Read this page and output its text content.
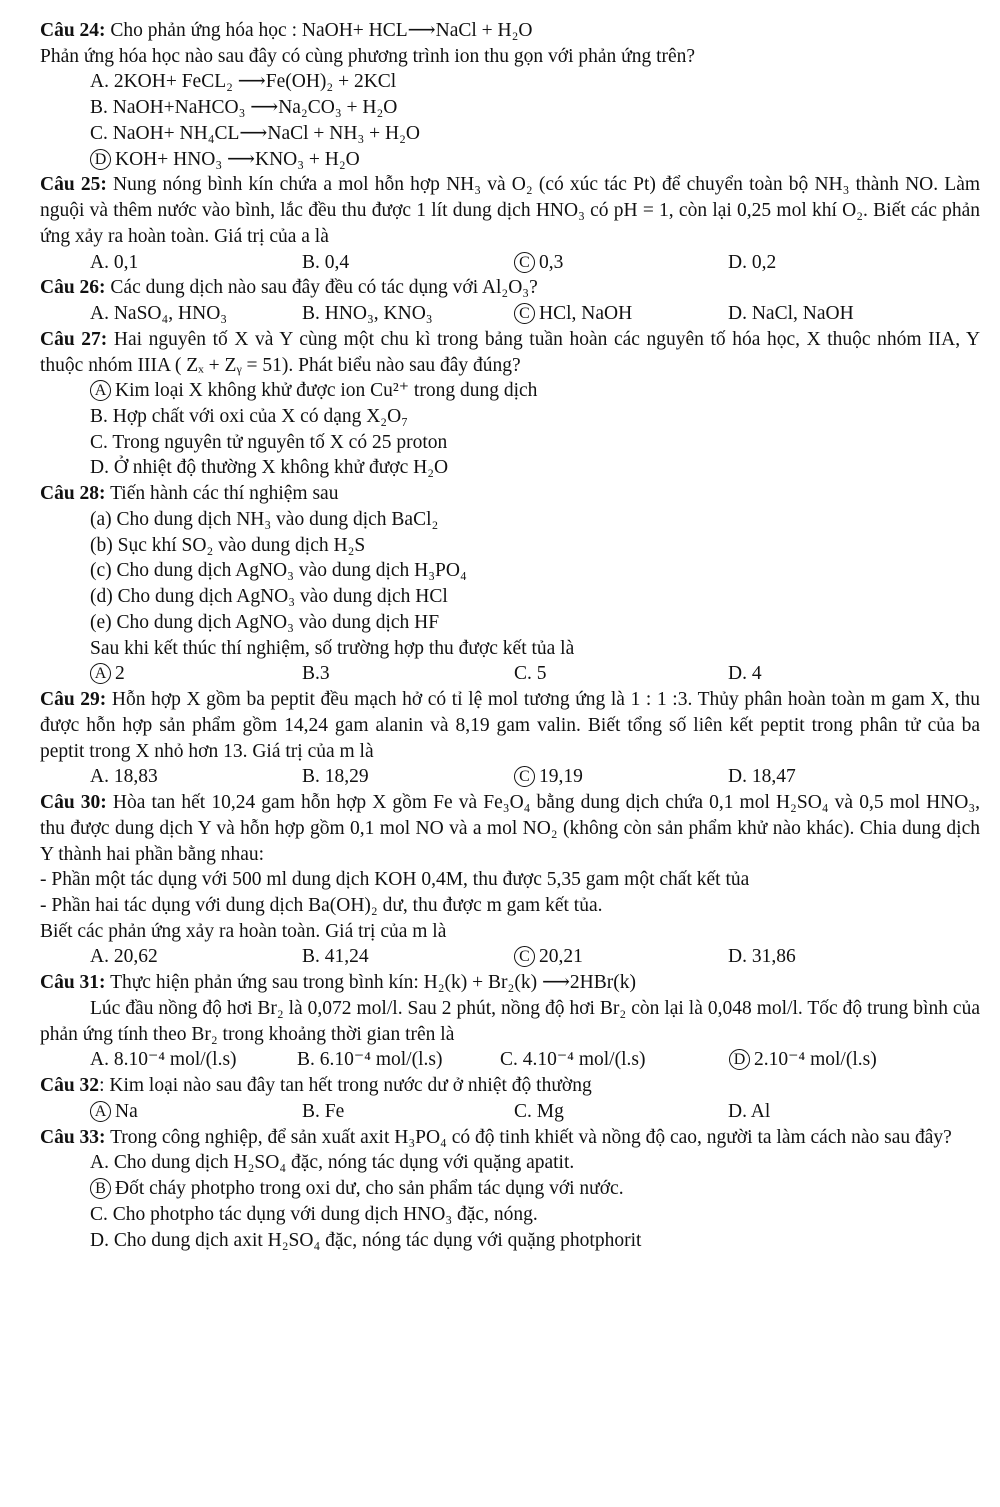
Câu 24: Cho phản ứng hóa học : NaOH+ HCL⟶NaCl + H₂O

Phản ứng hóa học nào sau đây có cùng phương trình ion thu gọn với phản ứng trên?

A. 2KOH+ FeCL₂ ⟶Fe(OH)₂ + 2KCl

B. NaOH+NaHCO₃ ⟶Na₂CO₃ + H₂O

C. NaOH+ NH₄CL⟶NaCl + NH₃ + H₂O

D KOH+ HNO₃ ⟶KNO₃ + H₂O

Câu 25: Nung nóng bình kín chứa a mol hỗn hợp NH₃ và O₂ (có xúc tác Pt) để chuyển toàn bộ NH₃ thành NO. Làm nguội và thêm nước vào bình, lắc đều thu được 1 lít dung dịch HNO₃ có pH = 1, còn lại 0,25 mol khí O₂. Biết các phản ứng xảy ra hoàn toàn. Giá trị của a là

A. 0,1	B. 0,4	C 0,3	D. 0,2

Câu 26: Các dung dịch nào sau đây đều có tác dụng với Al₂O₃?

A. NaSO₄, HNO₃	B. HNO₃, KNO₃	C HCl, NaOH	D. NaCl, NaOH

Câu 27: Hai nguyên tố X và Y cùng một chu kì trong bảng tuần hoàn các nguyên tố hóa học, X thuộc nhóm IIA, Y thuộc nhóm IIIA ( Zₓ + Zᵧ = 51). Phát biểu nào sau đây đúng?

A Kim loại X không khử được ion Cu²⁺ trong dung dịch

B. Hợp chất với oxi của X có dạng X₂O₇

C. Trong nguyên tử nguyên tố X có 25 proton

D. Ở nhiệt độ thường X không khử được H₂O

Câu 28: Tiến hành các thí nghiệm sau

(a) Cho dung dịch NH₃ vào dung dịch BaCl₂

(b) Sục khí SO₂ vào dung dịch H₂S

(c) Cho dung dịch AgNO₃ vào dung dịch H₃PO₄

(d) Cho dung dịch AgNO₃ vào dung dịch HCl

(e) Cho dung dịch AgNO₃ vào dung dịch HF

Sau khi kết thúc thí nghiệm, số trường hợp thu được kết tủa là

A 2	B.3	C. 5	D. 4

Câu 29: Hỗn hợp X gồm ba peptit đều mạch hở có tỉ lệ mol tương ứng là 1 : 1 :3. Thủy phân hoàn toàn m gam X, thu được hỗn hợp sản phẩm gồm 14,24 gam alanin và 8,19 gam valin. Biết tổng số liên kết peptit trong phân tử của ba peptit trong X nhỏ hơn 13. Giá trị của m là

A. 18,83	B. 18,29	C 19,19	D. 18,47

Câu 30: Hòa tan hết 10,24 gam hỗn hợp X gồm Fe và Fe₃O₄ bằng dung dịch chứa 0,1 mol H₂SO₄ và 0,5 mol HNO₃, thu được dung dịch Y và hỗn hợp gồm 0,1 mol NO và a mol NO₂ (không còn sản phẩm khử nào khác). Chia dung dịch Y thành hai phần bằng nhau:

- Phần một tác dụng với 500 ml dung dịch KOH 0,4M, thu được 5,35 gam một chất kết tủa

- Phần hai tác dụng với dung dịch Ba(OH)₂ dư, thu được m gam kết tủa.

Biết các phản ứng xảy ra hoàn toàn. Giá trị của m là

A. 20,62	B. 41,24	C 20,21	D. 31,86

Câu 31: Thực hiện phản ứng sau trong bình kín: H₂(k) + Br₂(k) ⟶2HBr(k)

Lúc đầu nồng độ hơi Br₂ là 0,072 mol/l. Sau 2 phút, nồng độ hơi Br₂ còn lại là 0,048 mol/l. Tốc độ trung bình của phản ứng tính theo Br₂ trong khoảng thời gian trên là

A. 8.10⁻⁴ mol/(l.s)	B. 6.10⁻⁴ mol/(l.s)	C. 4.10⁻⁴ mol/(l.s)	D 2.10⁻⁴ mol/(l.s)

Câu 32: Kim loại nào sau đây tan hết trong nước dư ở nhiệt độ thường

A Na	B. Fe	C. Mg	D. Al

Câu 33: Trong công nghiệp, để sản xuất axit H₃PO₄ có độ tinh khiết và nồng độ cao, người ta làm cách nào sau đây?

A. Cho dung dịch H₂SO₄ đặc, nóng tác dụng với quặng apatit.

B Đốt cháy photpho trong oxi dư, cho sản phẩm tác dụng với nước.

C. Cho photpho tác dụng với dung dịch HNO₃ đặc, nóng.

D. Cho dung dịch axit H₂SO₄ đặc, nóng tác dụng với quặng photphorit
